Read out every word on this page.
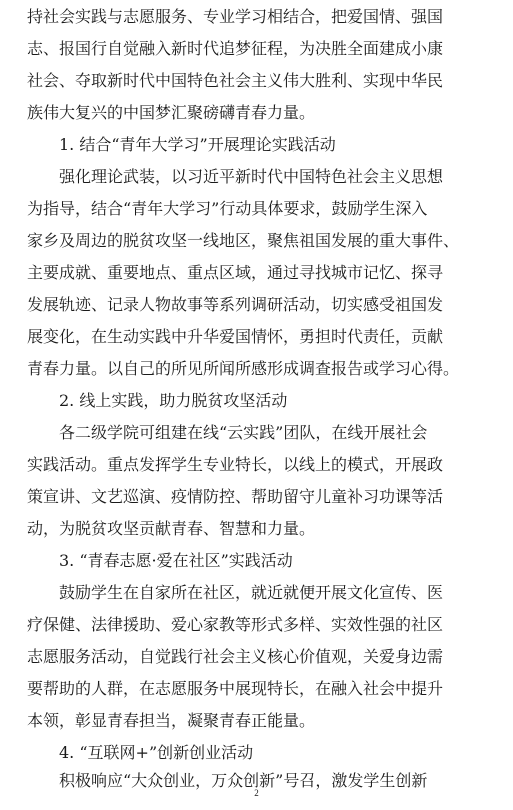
持社会实践与志愿服务、专业学习相结合，把爱国情、强国
志、报国行自觉融入新时代追梦征程，为决胜全面建成小康
社会、夺取新时代中国特色社会主义伟大胜利、实现中华民
族伟大复兴的中国梦汇聚磅礴青春力量。
1. 结合“青年大学习”开展理论实践活动
强化理论武装，以习近平新时代中国特色社会主义思想
为指导，结合“青年大学习”行动具体要求，鼓励学生深入
家乡及周边的脱贫攻坚一线地区，聚焦祖国发展的重大事件、
主要成就、重要地点、重点区域，通过寻找城市记忆、探寻
发展轨迹、记录人物故事等系列调研活动，切实感受祖国发
展变化，在生动实践中升华爱国情怀，勇担时代责任，贡献
青春力量。以自己的所见所闻所感形成调查报告或学习心得。
2. 线上实践，助力脱贫攻坚活动
各二级学院可组建在线“云实践”团队，在线开展社会
实践活动。重点发挥学生专业特长，以线上的模式，开展政
策宣讲、文艺巡演、疫情防控、帮助留守儿童补习功课等活
动，为脱贫攻坚贡献青春、智慧和力量。
3. “青春志愿·爱在社区”实践活动
鼓励学生在自家所在社区，就近就便开展文化宣传、医
疗保健、法律援助、爱心家教等形式多样、实效性强的社区
志愿服务活动，自觉践行社会主义核心价值观，关爱身边需
要帮助的人群，在志愿服务中展现特长，在融入社会中提升
本领，彰显青春担当，凝聚青春正能量。
4. “互联网+”创新创业活动
积极响应“大众创业，万众创新”号召，激发学生创新
2
